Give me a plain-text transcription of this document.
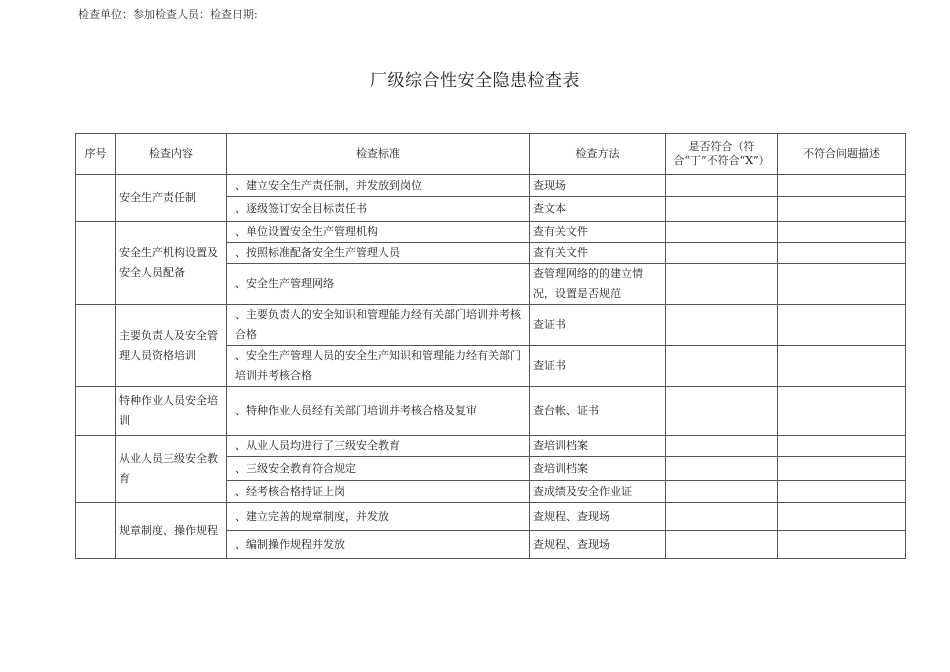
检查单位：参加检查人员：检查日期:
厂级综合性安全隐患检查表
序号	检查内容	检查标准	检查方法	是否符合（符合“丁”不符合“X”）	不符合问题描述
	安全生产责任制	、建立安全生产责任制，并发放到岗位	查现场		
		、逐级签订安全目标责任书	查文本		
	安全生产机构设置及安全人员配备	、单位设置安全生产管理机构	查有关文件		
		、按照标准配备安全生产管理人员	查有关文件		
		、安全生产管理网络	查管理网络的的建立情况，设置是否规范		
	主要负责人及安全管理人员资格培训	、主要负责人的安全知识和管理能力经有关部门培训并考核合格	查证书		
		、安全生产管理人员的安全生产知识和管理能力经有关部门培训并考核合格	查证书		
	特种作业人员安全培训	、特种作业人员经有关部门培训并考核合格及复审	查台帐、证书		
	从业人员三级安全教育	、从业人员均进行了三级安全教育	查培训档案		
		、三级安全教育符合规定	查培训档案		
		、经考核合格持证上岗	查成绩及安全作业证		
	规章制度、操作规程	、建立完善的规章制度，并发放	查规程、查现场		
		、编制操作规程并发放	查规程、查现场		
